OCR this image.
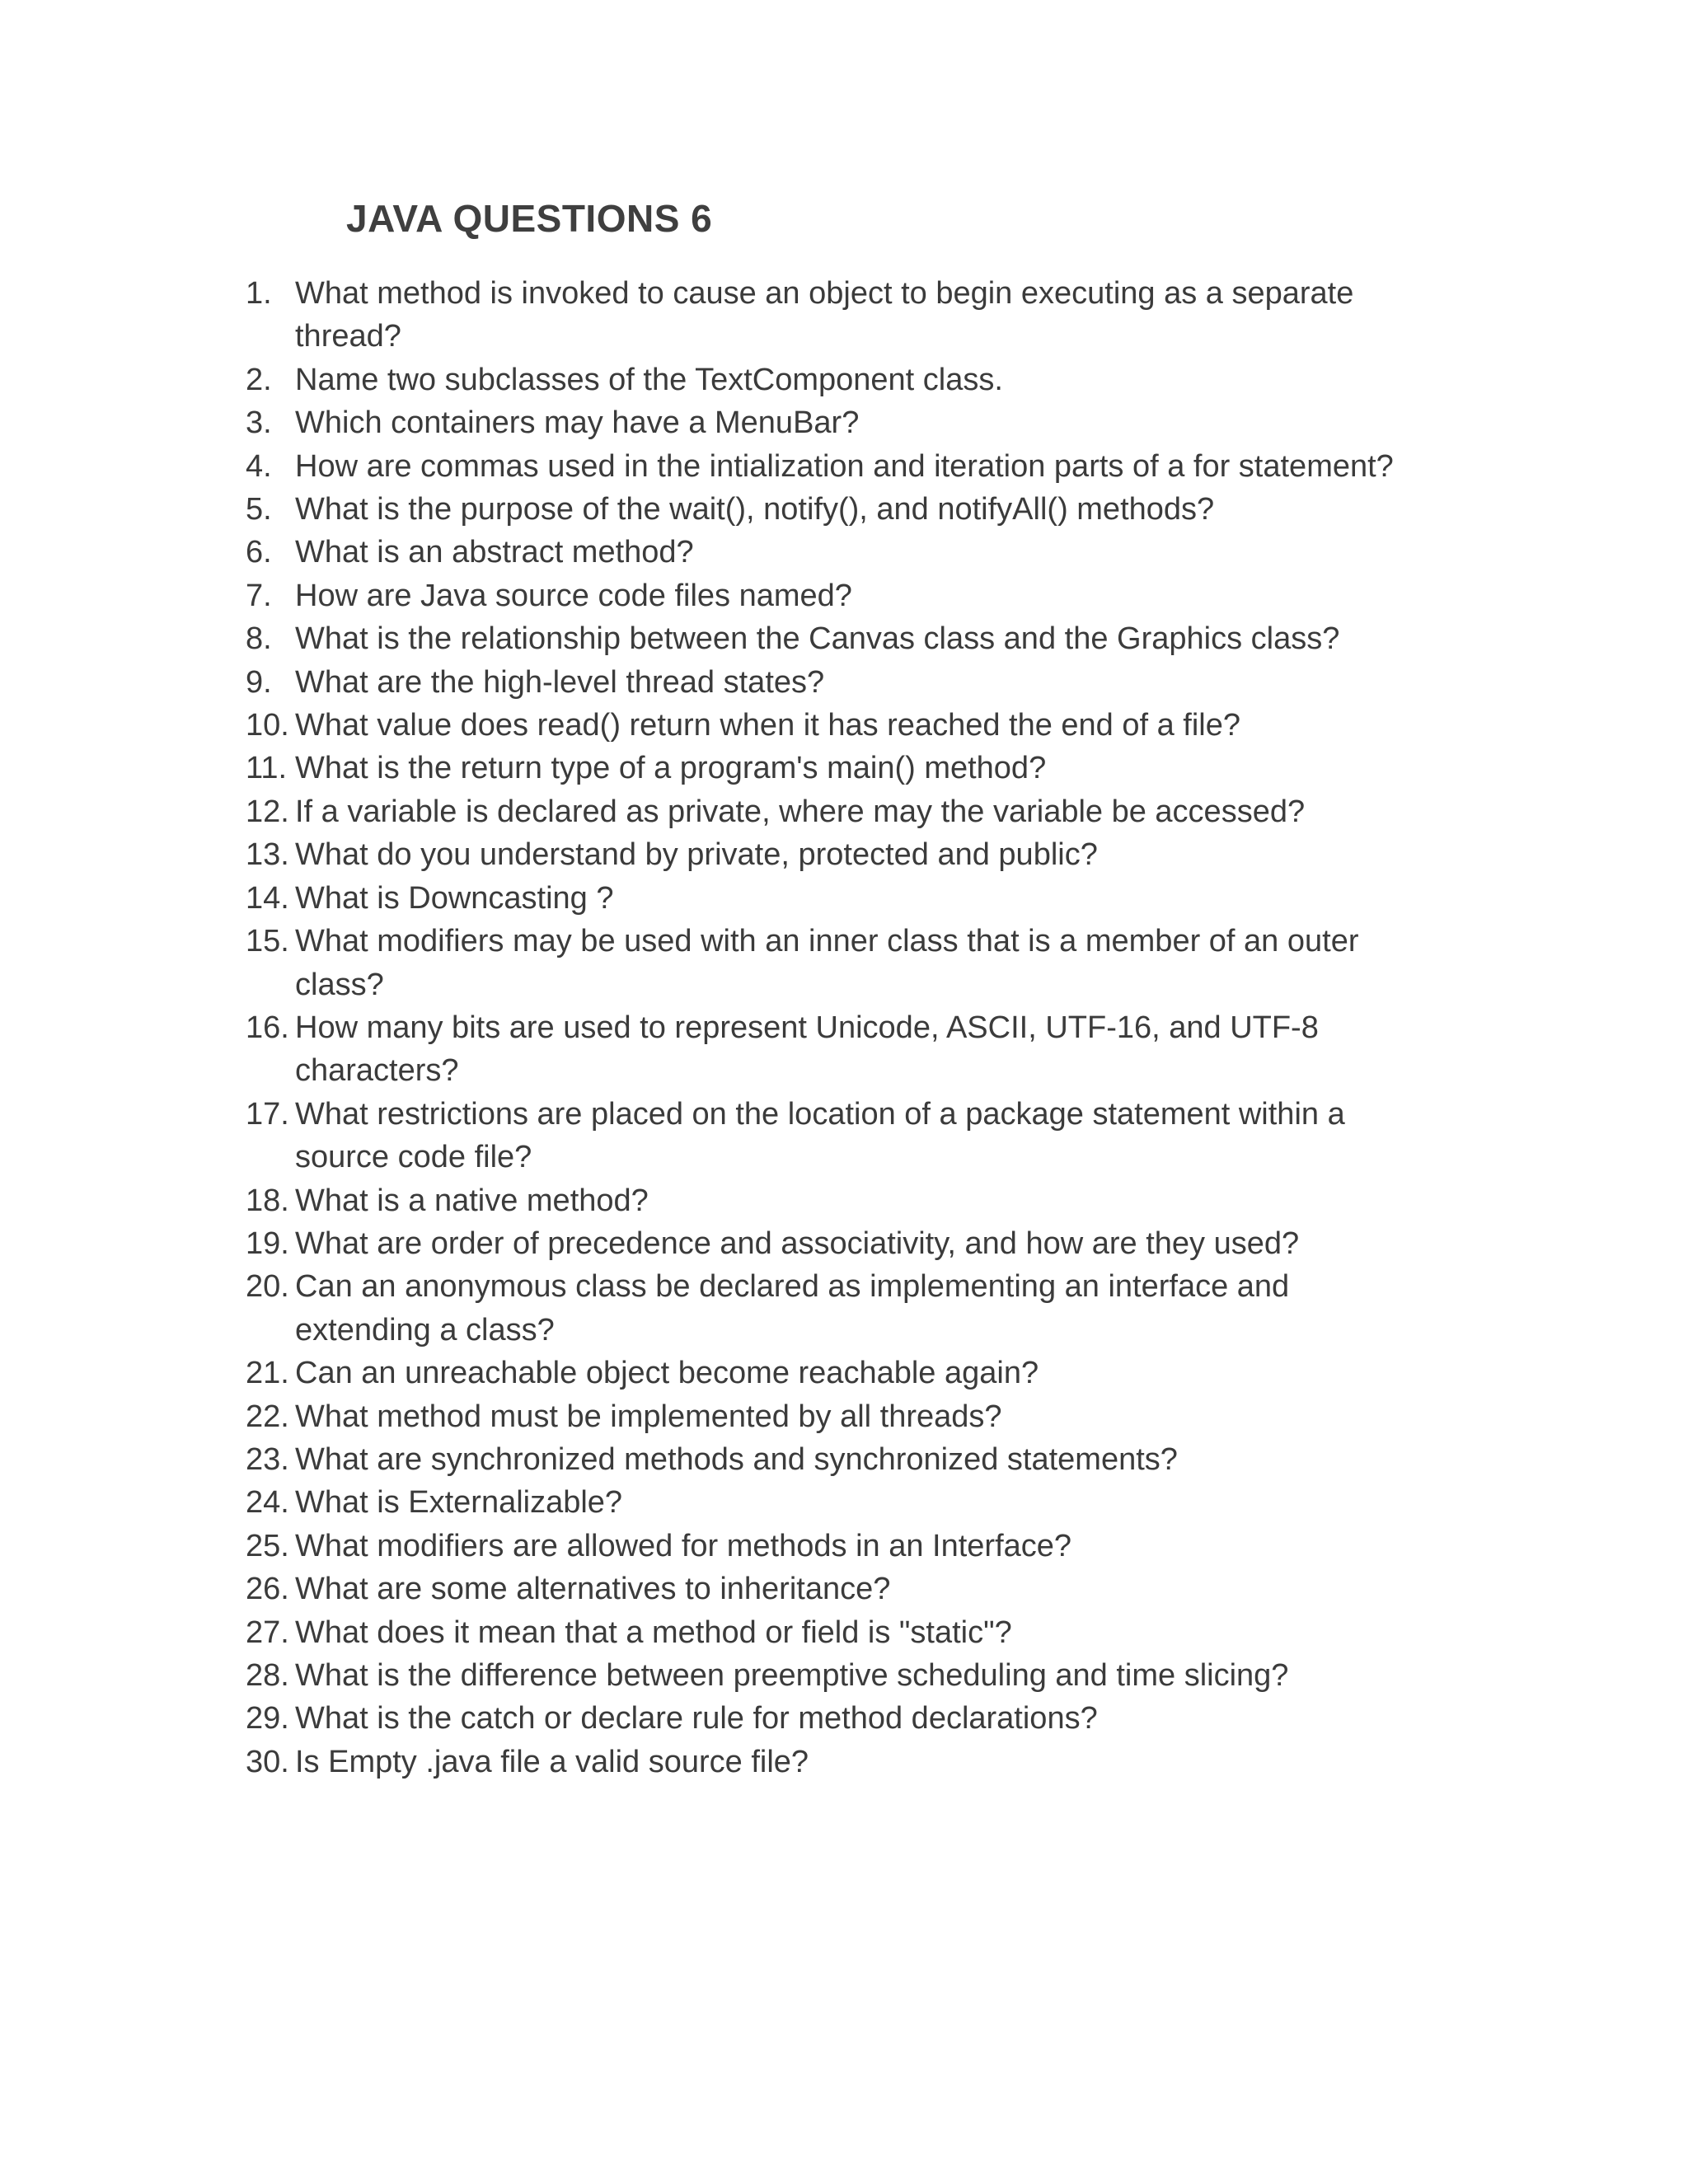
JAVA QUESTIONS 6
1. What method is invoked to cause an object to begin executing as a separate
thread?
2. Name two subclasses of the TextComponent class.
3. Which containers may have a MenuBar?
4. How are commas used in the intialization and iteration parts of a for statement?
5. What is the purpose of the wait(), notify(), and notifyAll() methods?
6. What is an abstract method?
7. How are Java source code files named?
8. What is the relationship between the Canvas class and the Graphics class?
9. What are the high-level thread states?
10. What value does read() return when it has reached the end of a file?
11. What is the return type of a program's main() method?
12. If a variable is declared as private, where may the variable be accessed?
13. What do you understand by private, protected and public?
14. What is Downcasting ?
15. What modifiers may be used with an inner class that is a member of an outer
class?
16. How many bits are used to represent Unicode, ASCII, UTF-16, and UTF-8
characters?
17. What restrictions are placed on the location of a package statement within a
source code file?
18. What is a native method?
19. What are order of precedence and associativity, and how are they used?
20. Can an anonymous class be declared as implementing an interface and
extending a class?
21. Can an unreachable object become reachable again?
22. What method must be implemented by all threads?
23. What are synchronized methods and synchronized statements?
24. What is Externalizable?
25. What modifiers are allowed for methods in an Interface?
26. What are some alternatives to inheritance?
27. What does it mean that a method or field is "static"?
28. What is the difference between preemptive scheduling and time slicing?
29. What is the catch or declare rule for method declarations?
30. Is Empty .java file a valid source file?
